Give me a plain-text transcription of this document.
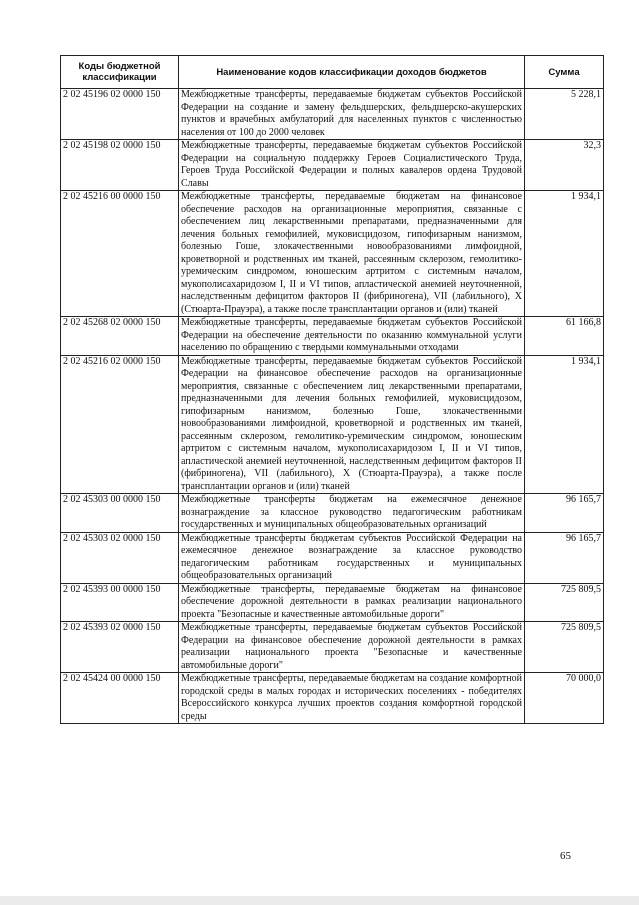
Коды бюджетной классификации	Наименование кодов классификации доходов бюджетов	Сумма
2 02 45196 02 0000 150	Межбюджетные трансферты, передаваемые бюджетам субъектов Российской Федерации на создание и замену фельдшерских, фельдшерско-акушерских пунктов и врачебных амбулаторий для населенных пунктов с численностью населения от 100 до 2000 человек	5 228,1
2 02 45198 02 0000 150	Межбюджетные трансферты, передаваемые бюджетам субъектов Российской Федерации на социальную поддержку Героев Социалистического Труда, Героев Труда Российской Федерации и полных кавалеров ордена Трудовой Славы	32,3
2 02 45216 00 0000 150	Межбюджетные трансферты, передаваемые бюджетам на финансовое обеспечение расходов на организационные мероприятия, связанные с обеспечением лиц лекарственными препаратами, предназначенными для лечения больных гемофилией, муковисцидозом, гипофизарным нанизмом, болезнью Гоше, злокачественными новообразованиями лимфоидной, кроветворной и родственных им тканей, рассеянным склерозом, гемолитико-уремическим синдромом, юношеским артритом с системным началом, мукополисахаридозом I, II и VI типов, апластической анемией неуточненной, наследственным дефицитом факторов II (фибриногена), VII (лабильного), X (Стюарта-Прауэра), а также после трансплантации органов и (или) тканей	1 934,1
2 02 45268 02 0000 150	Межбюджетные трансферты, передаваемые бюджетам субъектов Российской Федерации на обеспечение деятельности по оказанию коммунальной услуги населению по обращению с твердыми коммунальными отходами	61 166,8
2 02 45216 02 0000 150	Межбюджетные трансферты, передаваемые бюджетам субъектов Российской Федерации на финансовое обеспечение расходов на организационные мероприятия, связанные с обеспечением лиц лекарственными препаратами, предназначенными для лечения больных гемофилией, муковисцидозом, гипофизарным нанизмом, болезнью Гоше, злокачественными новообразованиями лимфоидной, кроветворной и родственных им тканей, рассеянным склерозом, гемолитико-уремическим синдромом, юношеским артритом с системным началом, мукополисахаридозом I, II и VI типов, апластической анемией неуточненной, наследственным дефицитом факторов II (фибриногена), VII (лабильного), X (Стюарта-Прауэра), а также после трансплантации органов и (или) тканей	1 934,1
2 02 45303 00 0000 150	Межбюджетные трансферты бюджетам на ежемесячное денежное вознаграждение за классное руководство педагогическим работникам государственных и муниципальных общеобразовательных организаций	96 165,7
2 02 45303 02 0000 150	Межбюджетные трансферты бюджетам субъектов Российской Федерации на ежемесячное денежное вознаграждение за классное руководство педагогическим работникам государственных и муниципальных общеобразовательных организаций	96 165,7
2 02 45393 00 0000 150	Межбюджетные трансферты, передаваемые бюджетам на финансовое обеспечение дорожной деятельности в рамках реализации национального проекта "Безопасные и качественные автомобильные дороги"	725 809,5
2 02 45393 02 0000 150	Межбюджетные трансферты, передаваемые бюджетам субъектов Российской Федерации на финансовое обеспечение дорожной деятельности в рамках реализации национального проекта "Безопасные и качественные автомобильные дороги"	725 809,5
2 02 45424 00 0000 150	Межбюджетные трансферты, передаваемые бюджетам на создание комфортной городской среды в малых городах и исторических поселениях - победителях Всероссийского конкурса лучших проектов создания комфортной городской среды	70 000,0
65
